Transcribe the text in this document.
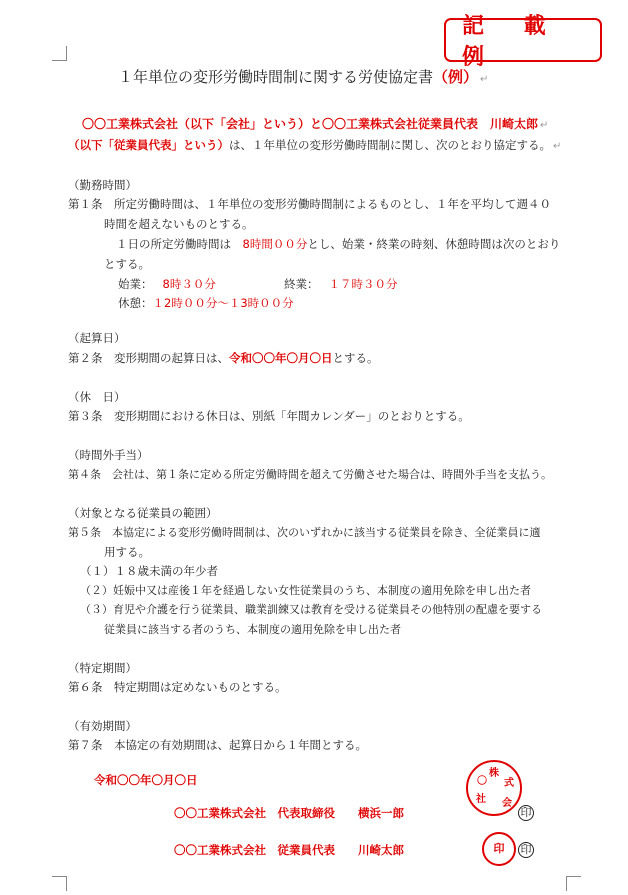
記 載 例
１年単位の変形労働時間制に関する労使協定書（例） ↵
〇〇工業株式会社（以下「会社」という）と〇〇工業株式会社従業員代表　川崎太郎 ↵
（以下「従業員代表」という）は、１年単位の変形労働時間制に関し、次のとおり協定する。 ↵
（勤務時間）
第１条　所定労働時間は、１年単位の変形労働時間制によるものとし、１年を平均して週４０
時間を超えないものとする。
１日の所定労働時間は　8時間００分とし、始業・終業の時刻、休憩時間は次のとおり
とする。
始業： 8時３０分	終業： １７時３０分
休憩：１2時００分～１3時００分
（起算日）
第２条　変形期間の起算日は、令和〇〇年〇月〇日とする。
（休　日）
第３条　変形期間における休日は、別紙「年間カレンダー」のとおりとする。
（時間外手当）
第４条　会社は、第１条に定める所定労働時間を超えて労働させた場合は、時間外手当を支払う。
（対象となる従業員の範囲）
第５条　本協定による変形労働時間制は、次のいずれかに該当する従業員を除き、全従業員に適
用する。
（１）１８歳未満の年少者
（２）妊娠中又は産後１年を経過しない女性従業員のうち、本制度の適用免除を申し出た者
（３）育児や介護を行う従業員、職業訓練又は教育を受ける従業員その他特別の配慮を要する
従業員に該当する者のうち、本制度の適用免除を申し出た者
（特定期間）
第６条　特定期間は定めないものとする。
（有効期間）
第７条　本協定の有効期間は、起算日から１年間とする。
令和〇〇年〇月〇日
〇〇工業株式会社　代表取締役　　横浜一郎
〇〇工業株式会社　従業員代表　　川崎太郎
株
式
会
社
〇
印
印	印
